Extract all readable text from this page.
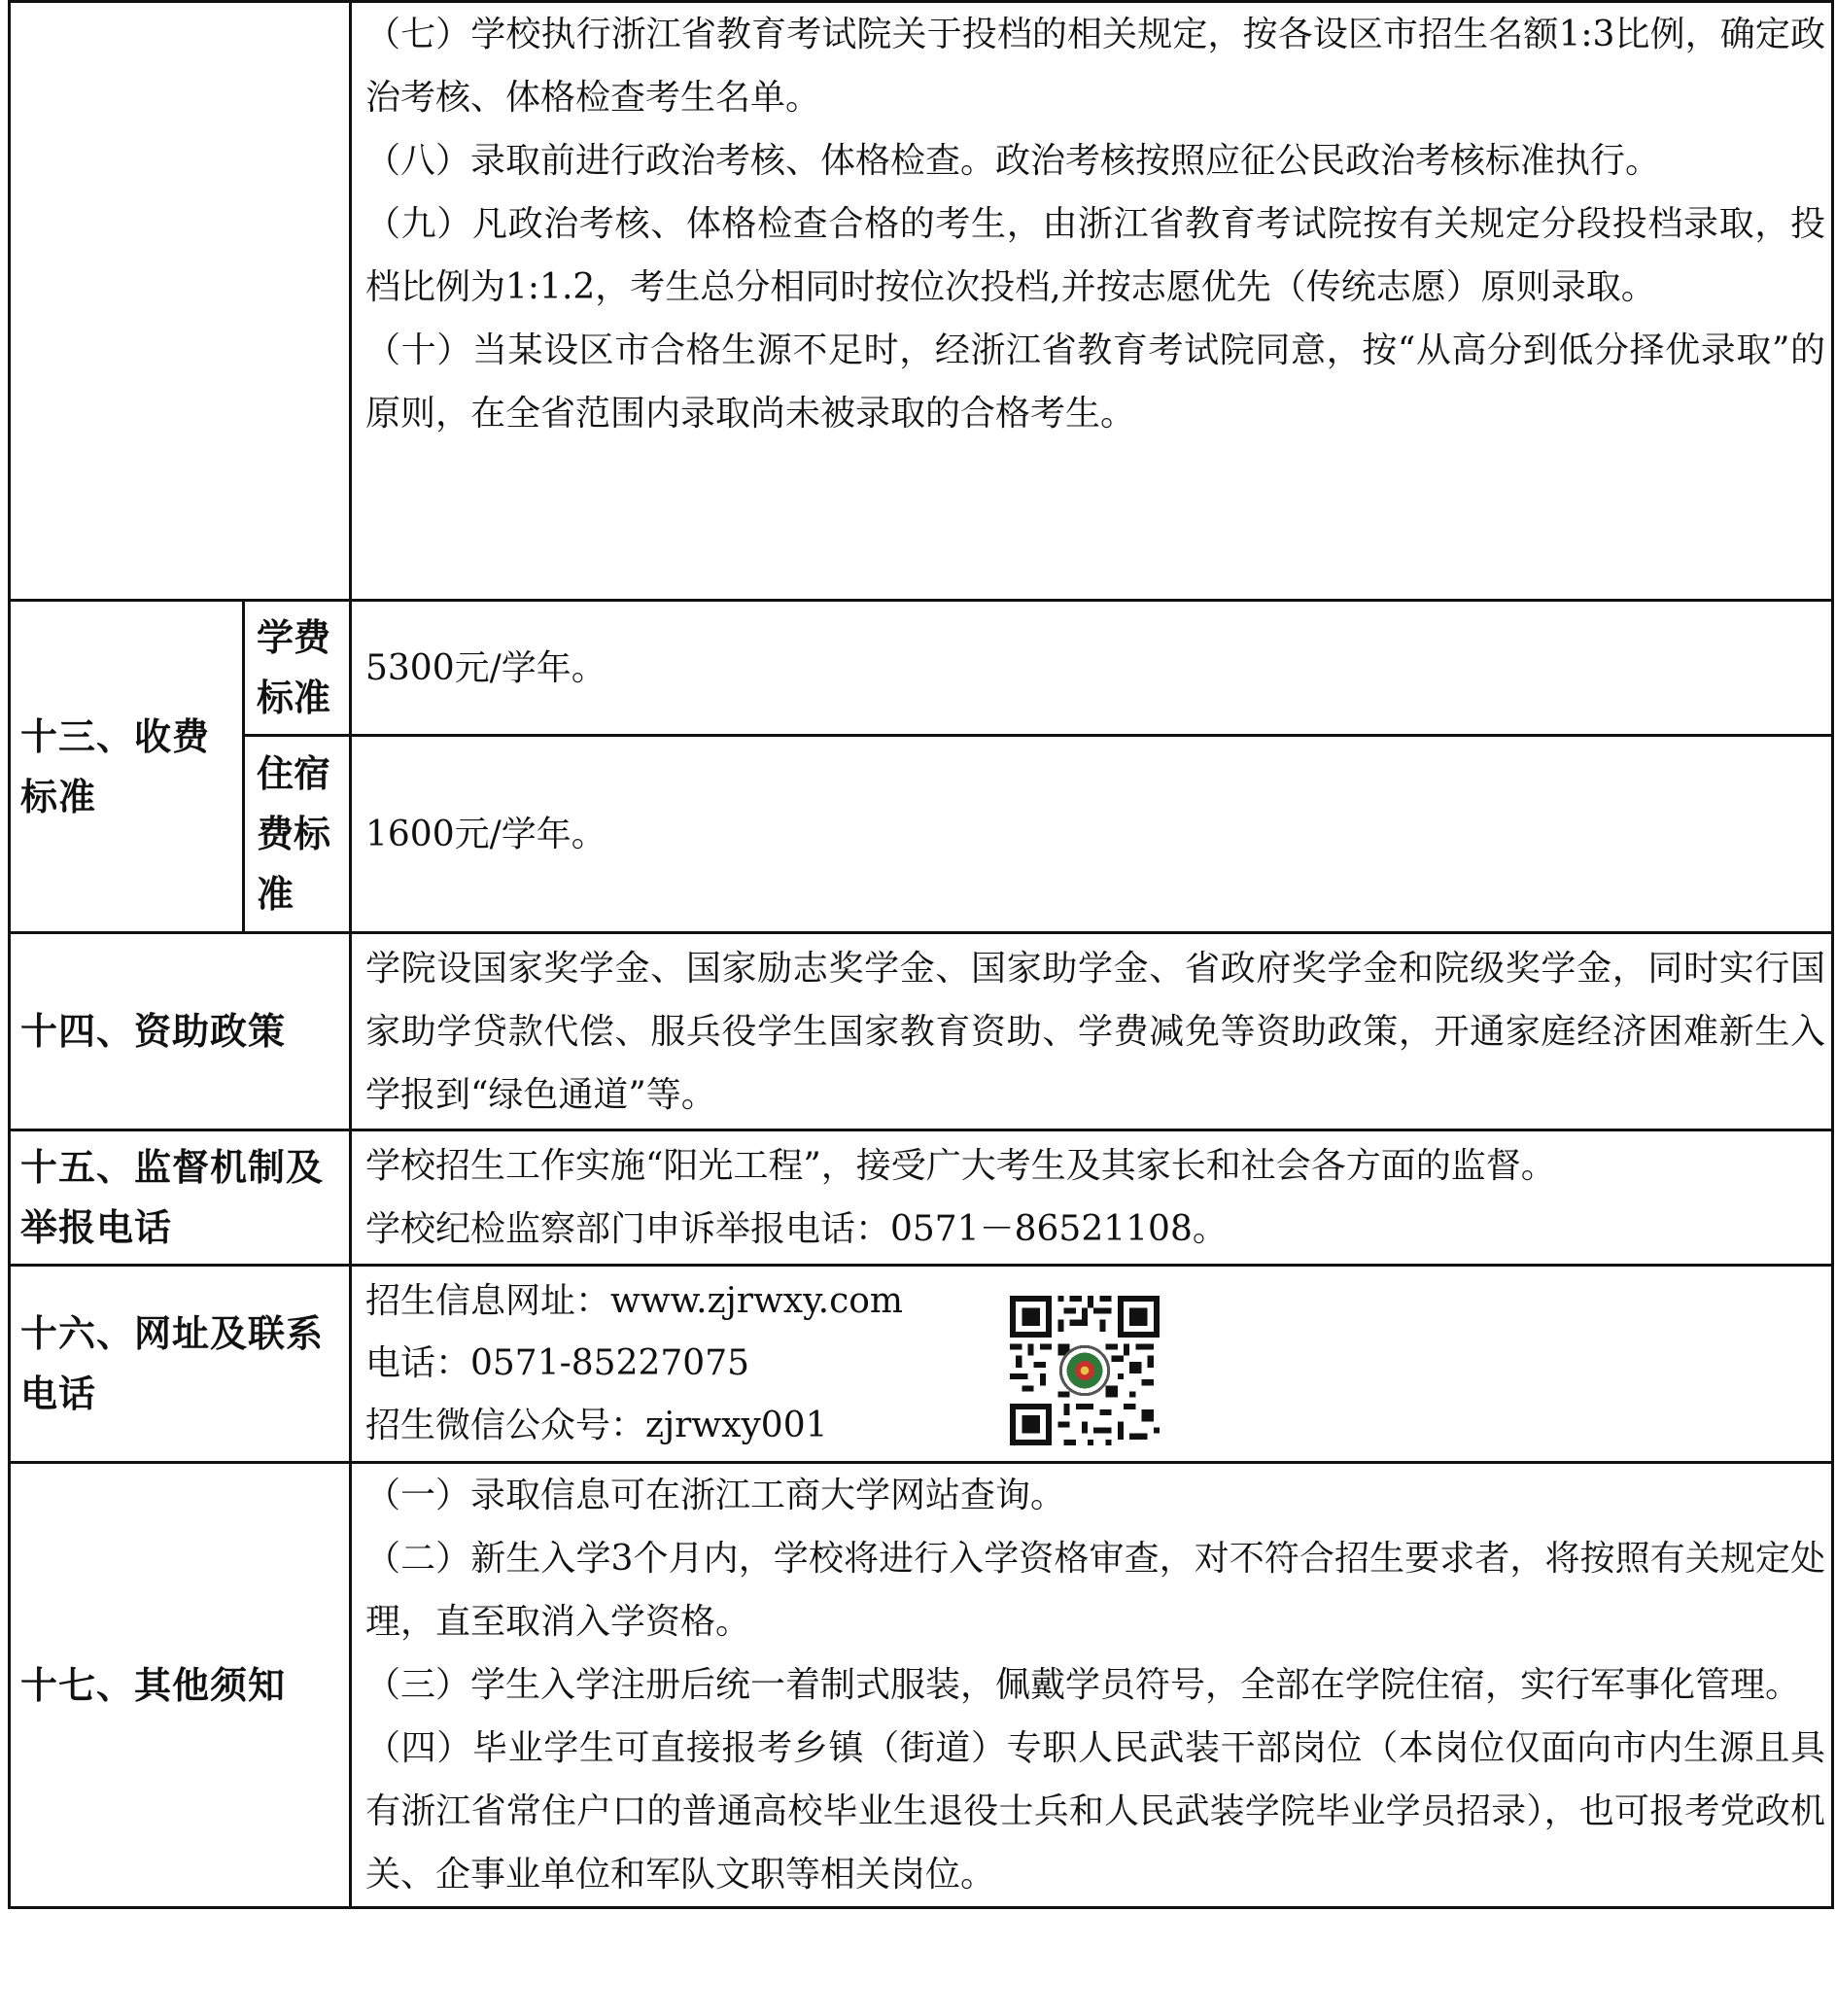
		（七）学校执行浙江省教育考试院关于投档的相关规定，按各设区市招生名额1:3比例，确定政治考核、体格检查考生名单。

（八）录取前进行政治考核、体格检查。政治考核按照应征公民政治考核标准执行。

（九）凡政治考核、体格检查合格的考生，由浙江省教育考试院按有关规定分段投档录取，投档比例为1:1.2，考生总分相同时按位次投档,并按志愿优先（传统志愿）原则录取。

（十）当某设区市合格生源不足时，经浙江省教育考试院同意，按“从高分到低分择优录取”的原则，在全省范围内录取尚未被录取的合格考生。

十三、收费标准	学费标准	5300元/学年。
	住宿费标准	1600元/学年。
十四、资助政策		学院设国家奖学金、国家励志奖学金、国家助学金、省政府奖学金和院级奖学金，同时实行国家助学贷款代偿、服兵役学生国家教育资助、学费减免等资助政策，开通家庭经济困难新生入学报到“绿色通道”等。
十五、监督机制及举报电话		学校招生工作实施“阳光工程”，接受广大考生及其家长和社会各方面的监督。

学校纪检监察部门申诉举报电话：0571－86521108。

十六、网址及联系电话		招生信息网址：www.zjrwxy.com

电话：0571-85227075

招生微信公众号：zjrwxy001

十七、其他须知		（一）录取信息可在浙江工商大学网站查询。

（二）新生入学3个月内，学校将进行入学资格审查，对不符合招生要求者，将按照有关规定处理，直至取消入学资格。

（三）学生入学注册后统一着制式服装，佩戴学员符号，全部在学院住宿，实行军事化管理。

（四）毕业学生可直接报考乡镇（街道）专职人民武装干部岗位（本岗位仅面向市内生源且具有浙江省常住户口的普通高校毕业生退役士兵和人民武装学院毕业学员招录），也可报考党政机关、企事业单位和军队文职等相关岗位。
